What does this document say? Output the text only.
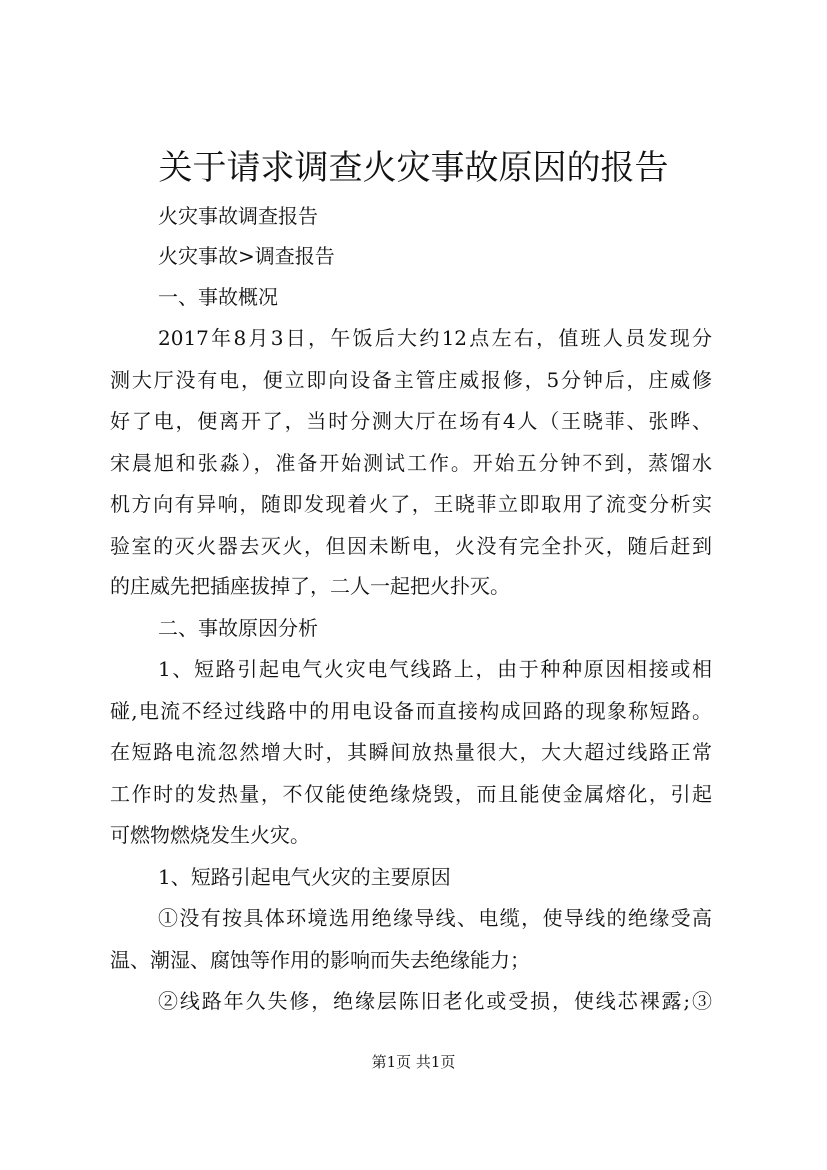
关于请求调查火灾事故原因的报告
火灾事故调查报告
火灾事故>调查报告
一、事故概况
2017年8月3日，午饭后大约12点左右，值班人员发现分
测大厅没有电，便立即向设备主管庄威报修，5分钟后，庄威修
好了电，便离开了，当时分测大厅在场有4人（王晓菲、张晔、
宋晨旭和张淼），准备开始测试工作。开始五分钟不到，蒸馏水
机方向有异响，随即发现着火了，王晓菲立即取用了流变分析实
验室的灭火器去灭火，但因未断电，火没有完全扑灭，随后赶到
的庄威先把插座拔掉了，二人一起把火扑灭。
二、事故原因分析
1、短路引起电气火灾电气线路上，由于种种原因相接或相
碰,电流不经过线路中的用电设备而直接构成回路的现象称短路。
在短路电流忽然增大时，其瞬间放热量很大，大大超过线路正常
工作时的发热量，不仅能使绝缘烧毁，而且能使金属熔化，引起
可燃物燃烧发生火灾。
1、短路引起电气火灾的主要原因
①没有按具体环境选用绝缘导线、电缆，使导线的绝缘受高
温、潮湿、腐蚀等作用的影响而失去绝缘能力；
②线路年久失修，绝缘层陈旧老化或受损，使线芯裸露;③
第1页 共1页
